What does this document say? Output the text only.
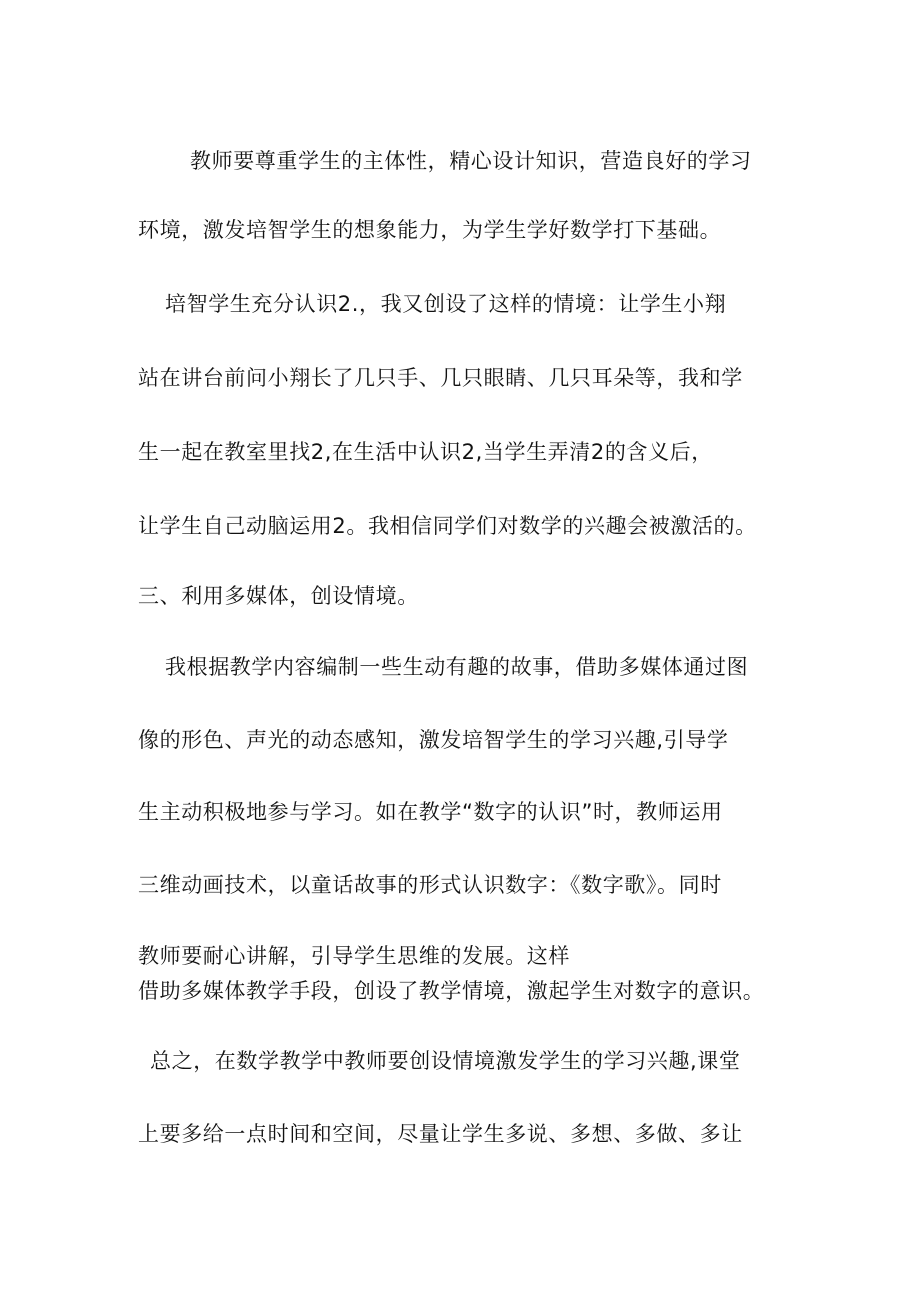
教师要尊重学生的主体性，精心设计知识，营造良好的学习
环境，激发培智学生的想象能力，为学生学好数学打下基础。
培智学生充分认识2.，我又创设了这样的情境：让学生小翔
站在讲台前问小翔长了几只手、几只眼睛、几只耳朵等，我和学
生一起在教室里找2,在生活中认识2,当学生弄清2的含义后，
让学生自己动脑运用2。我相信同学们对数学的兴趣会被激活的。
三、利用多媒体，创设情境。
我根据教学内容编制一些生动有趣的故事，借助多媒体通过图
像的形色、声光的动态感知，激发培智学生的学习兴趣,引导学
生主动积极地参与学习。如在教学“数字的认识”时，教师运用
三维动画技术，以童话故事的形式认识数字：《数字歌》。同时
教师要耐心讲解，引导学生思维的发展。这样
借助多媒体教学手段，创设了教学情境，激起学生对数字的意识。
总之，在数学教学中教师要创设情境激发学生的学习兴趣,课堂
上要多给一点时间和空间，尽量让学生多说、多想、多做、多让
